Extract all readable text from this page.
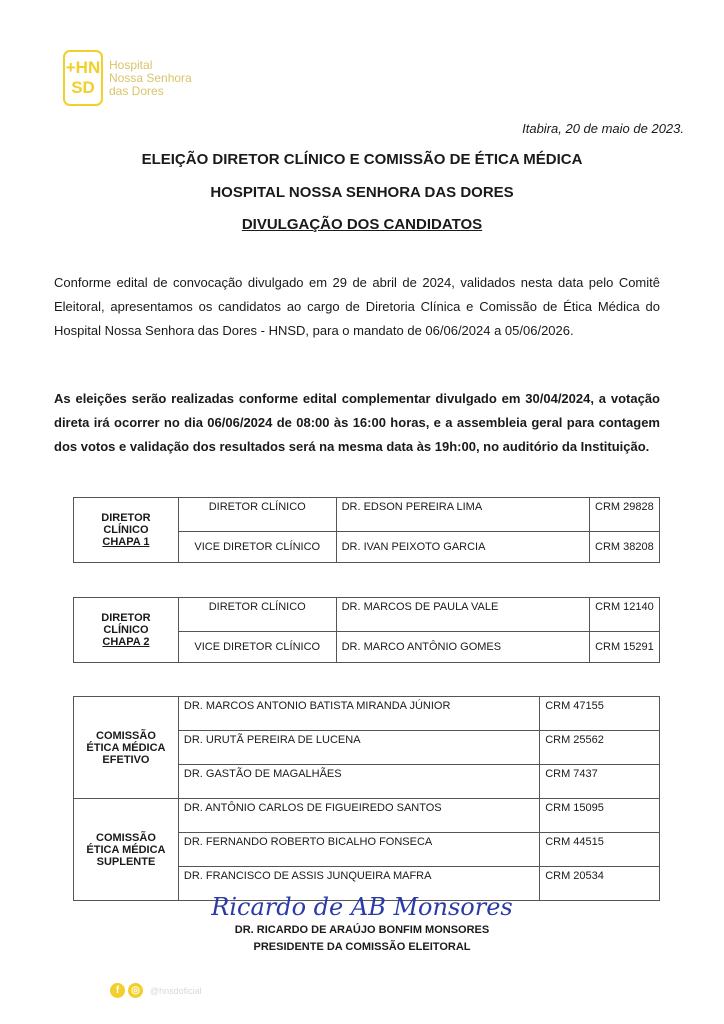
+HN
SD
Hospital
Nossa Senhora
das Dores
Itabira, 20 de maio de 2023.
ELEIÇÃO DIRETOR CLÍNICO E COMISSÃO DE ÉTICA MÉDICA
HOSPITAL NOSSA SENHORA DAS DORES
DIVULGAÇÃO DOS CANDIDATOS
Conforme edital de convocação divulgado em 29 de abril de 2024, validados nesta data pelo Comitê Eleitoral, apresentamos os candidatos ao cargo de Diretoria Clínica e Comissão de Ética Médica do Hospital Nossa Senhora das Dores - HNSD, para o mandato de 06/06/2024 a 05/06/2026.
As eleições serão realizadas conforme edital complementar divulgado em 30/04/2024, a votação direta irá ocorrer no dia 06/06/2024 de 08:00 às 16:00 horas, e a assembleia geral para contagem dos votos e validação dos resultados será na mesma data às 19h:00, no auditório da Instituição.
DIRETOR CLÍNICO
CHAPA 1	DIRETOR CLÍNICO	DR. EDSON PEREIRA LIMA	CRM 29828
	VICE DIRETOR CLÍNICO	DR. IVAN PEIXOTO GARCIA	CRM 38208
DIRETOR CLÍNICO
CHAPA 2	DIRETOR CLÍNICO	DR. MARCOS DE PAULA VALE	CRM 12140
	VICE DIRETOR CLÍNICO	DR. MARCO ANTÔNIO GOMES	CRM 15291
COMISSÃO
ÉTICA MÉDICA
EFETIVO	DR. MARCOS ANTONIO BATISTA MIRANDA JÚNIOR	CRM 47155
	DR. URUTÃ PEREIRA DE LUCENA	CRM 25562
	DR. GASTÃO DE MAGALHÃES	CRM 7437

COMISSÃO
ÉTICA MÉDICA
SUPLENTE	DR. ANTÔNIO CARLOS DE FIGUEIREDO SANTOS	CRM 15095
	DR. FERNANDO ROBERTO BICALHO FONSECA	CRM 44515
	DR. FRANCISCO DE ASSIS JUNQUEIRA MAFRA	CRM 20534
Ricardo de AB Monsores
DR. RICARDO DE ARAÚJO BONFIM MONSORES
PRESIDENTE DA COMISSÃO ELEITORAL
f	◎	@hnsdoficial
